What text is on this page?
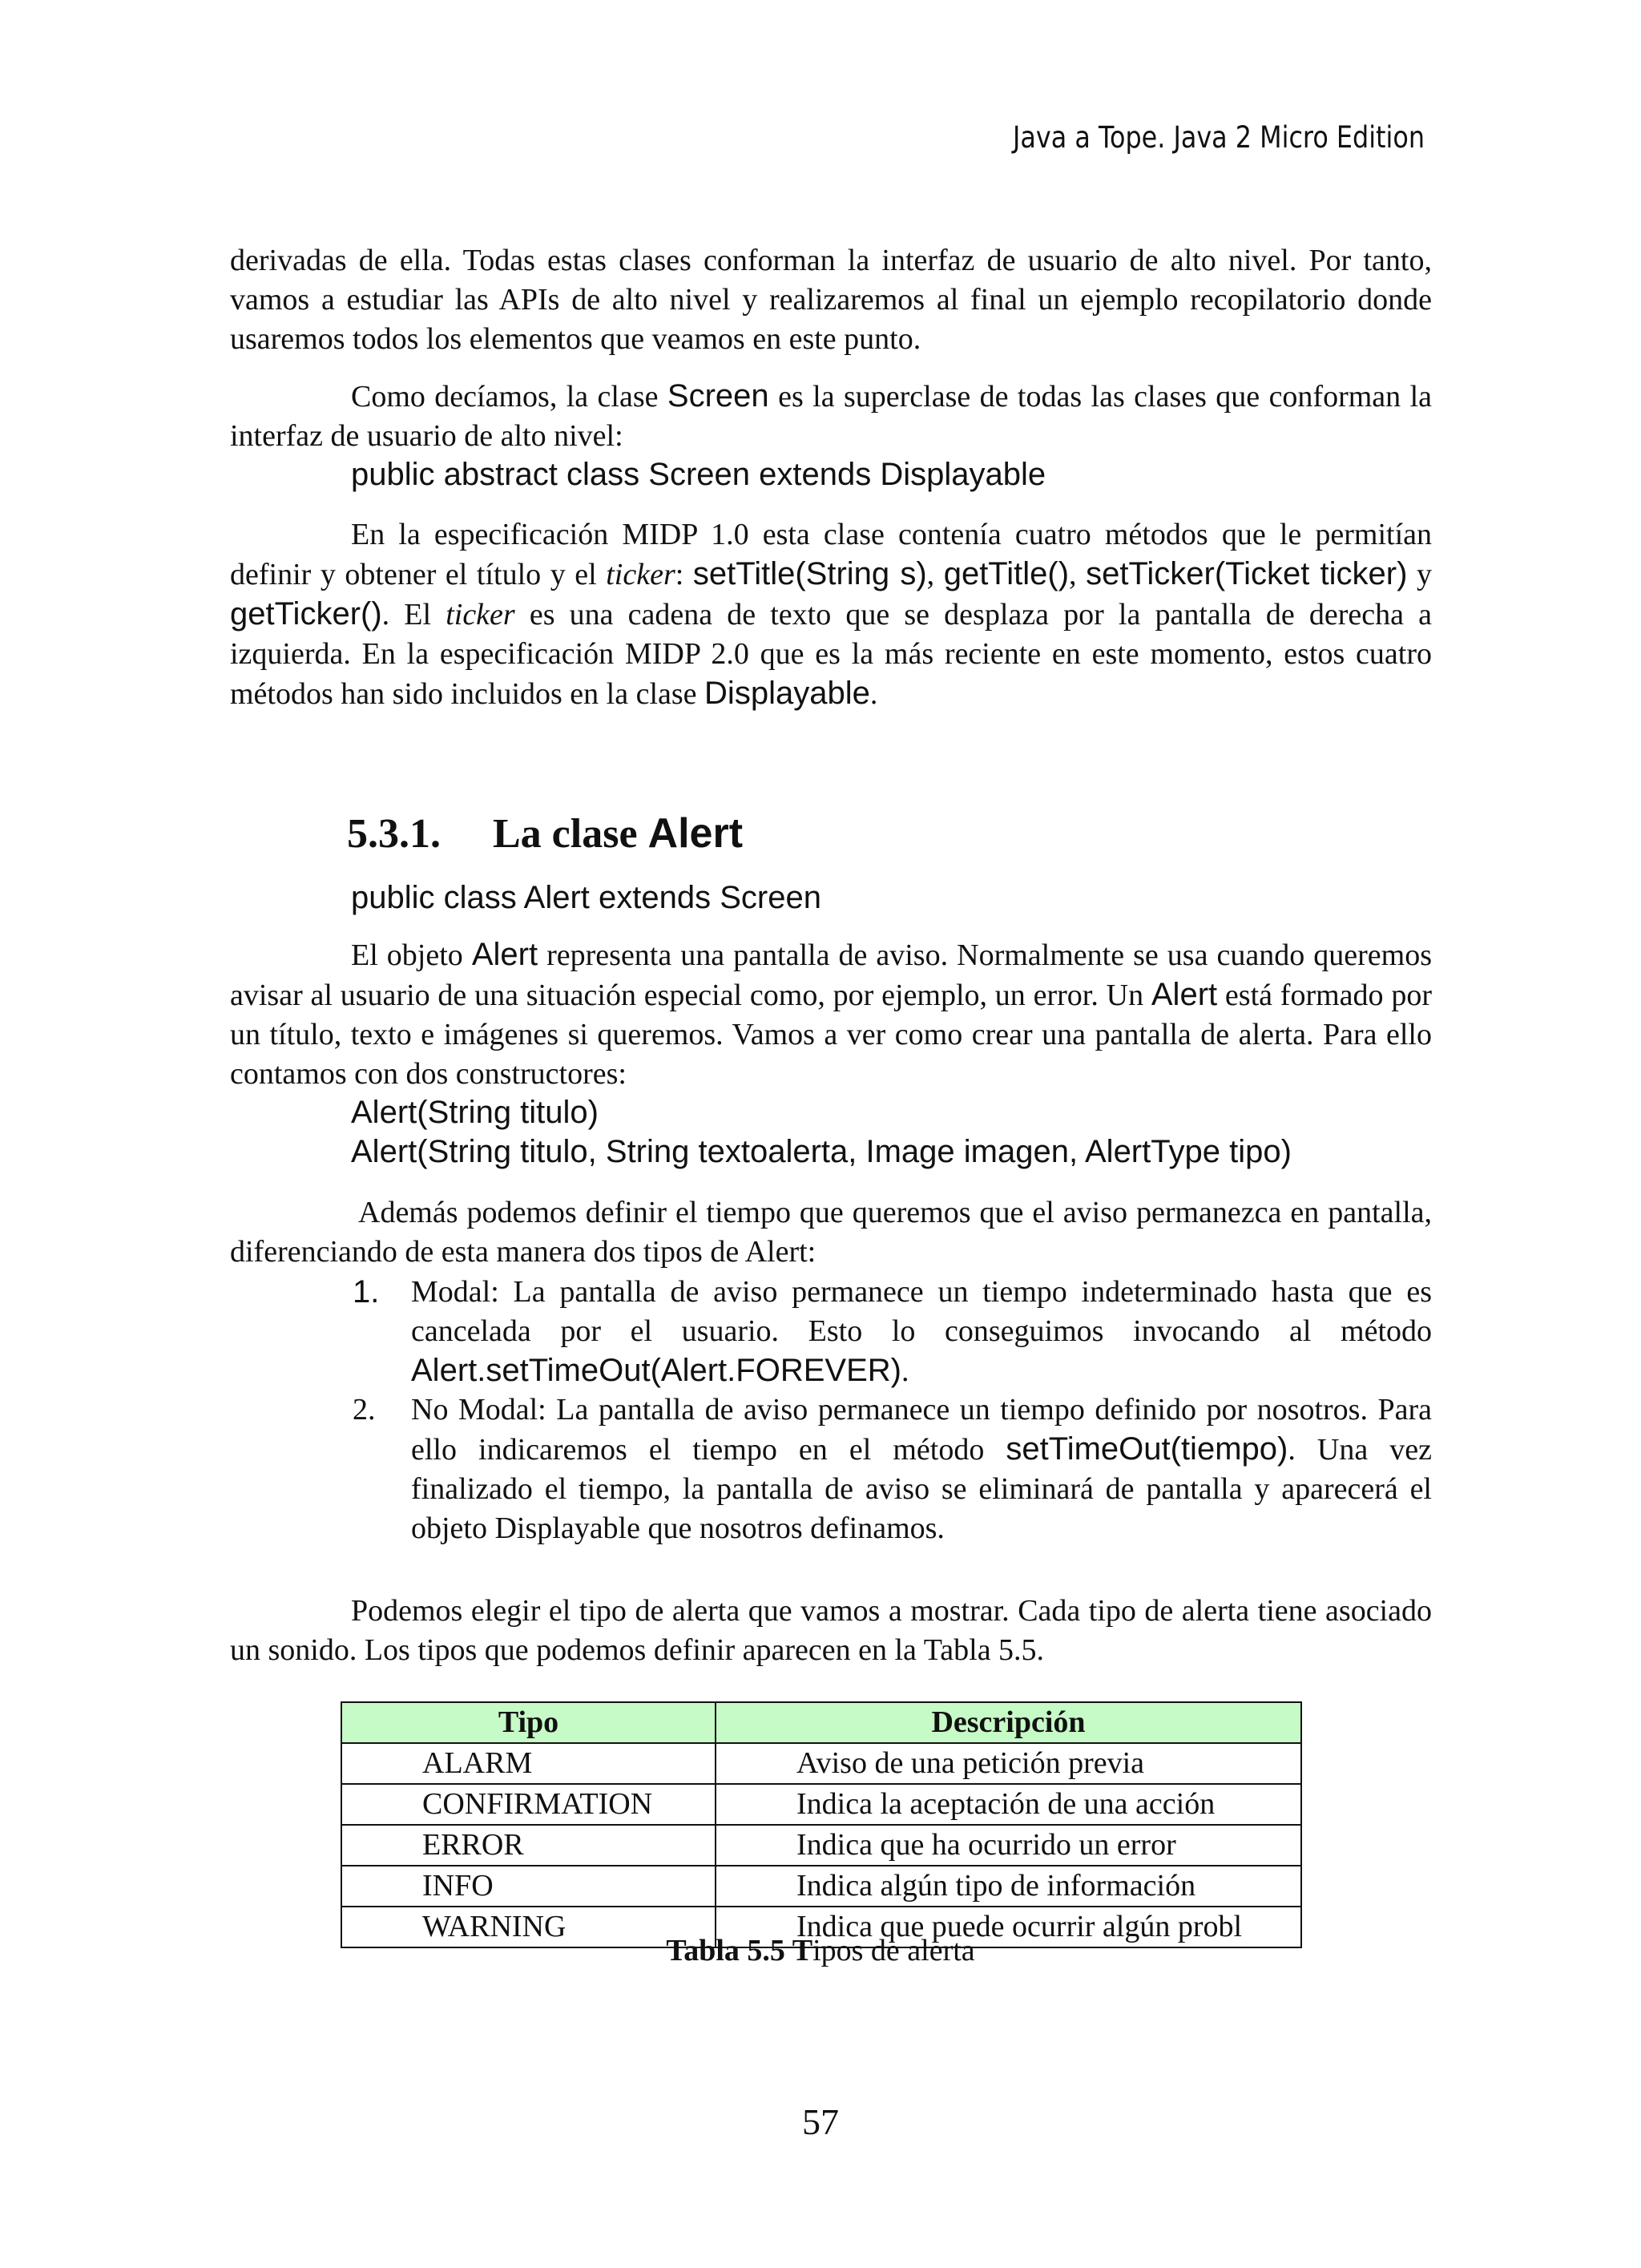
Java a Tope. Java 2 Micro Edition

derivadas de ella. Todas estas clases conforman la interfaz de usuario de alto nivel. Por tanto, vamos a estudiar las APIs de alto nivel y realizaremos al final un ejemplo recopilatorio donde usaremos todos los elementos que veamos en este punto.

Como decíamos, la clase Screen es la superclase de todas las clases que conforman la interfaz de usuario de alto nivel:

public abstract class Screen extends Displayable

En la especificación MIDP 1.0 esta clase contenía cuatro métodos que le permitían definir y obtener el título y el ticker: setTitle(String s), getTitle(), setTicker(Ticket ticker) y getTicker(). El ticker es una cadena de texto que se desplaza por la pantalla de derecha a izquierda. En la especificación MIDP 2.0 que es la más reciente en este momento, estos cuatro métodos han sido incluidos en la clase Displayable.

5.3.1. La clase Alert

public class Alert extends Screen

El objeto Alert representa una pantalla de aviso. Normalmente se usa cuando queremos avisar al usuario de una situación especial como, por ejemplo, un error. Un Alert está formado por un título, texto e imágenes si queremos. Vamos a ver como crear una pantalla de alerta. Para ello contamos con dos constructores:

Alert(String titulo)

Alert(String titulo, String textoalerta, Image imagen, AlertType tipo)

Además podemos definir el tiempo que queremos que el aviso permanezca en pantalla, diferenciando de esta manera dos tipos de Alert:

1. Modal: La pantalla de aviso permanece un tiempo indeterminado hasta que es cancelada por el usuario. Esto lo conseguimos invocando al método Alert.setTimeOut(Alert.FOREVER).
2. No Modal: La pantalla de aviso permanece un tiempo definido por nosotros. Para ello indicaremos el tiempo en el método setTimeOut(tiempo). Una vez finalizado el tiempo, la pantalla de aviso se eliminará de pantalla y aparecerá el objeto Displayable que nosotros definamos.

Podemos elegir el tipo de alerta que vamos a mostrar. Cada tipo de alerta tiene asociado un sonido. Los tipos que podemos definir aparecen en la Tabla 5.5.

Tipo	Descripción
ALARM	Aviso de una petición previa
CONFIRMATION	Indica la aceptación de una acción
ERROR	Indica que ha ocurrido un error
INFO	Indica algún tipo de información
WARNING	Indica que puede ocurrir algún probl
Tabla 5.5 Tipos de alerta
57
